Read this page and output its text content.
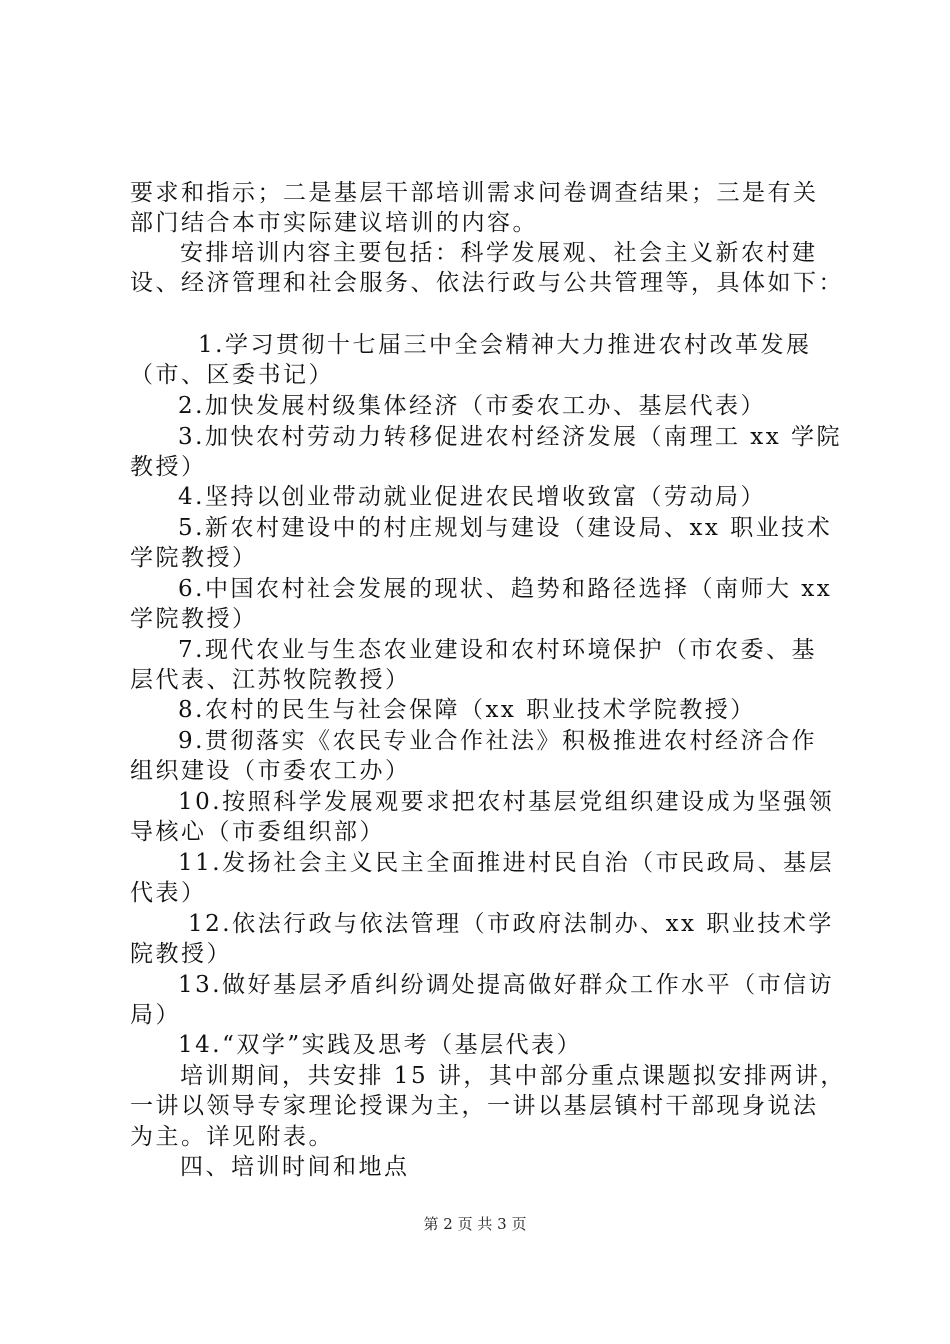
要求和指示；二是基层干部培训需求问卷调查结果；三是有关
部门结合本市实际建议培训的内容。
安排培训内容主要包括：科学发展观、社会主义新农村建
设、经济管理和社会服务、依法行政与公共管理等，具体如下：
1.学习贯彻十七届三中全会精神大力推进农村改革发展
（市、区委书记）
2.加快发展村级集体经济（市委农工办、基层代表）
3.加快农村劳动力转移促进农村经济发展（南理工 xx 学院
教授）
4.坚持以创业带动就业促进农民增收致富（劳动局）
5.新农村建设中的村庄规划与建设（建设局、xx 职业技术
学院教授）
6.中国农村社会发展的现状、趋势和路径选择（南师大 xx
学院教授）
7.现代农业与生态农业建设和农村环境保护（市农委、基
层代表、江苏牧院教授）
8.农村的民生与社会保障（xx 职业技术学院教授）
9.贯彻落实《农民专业合作社法》积极推进农村经济合作
组织建设（市委农工办）
10.按照科学发展观要求把农村基层党组织建设成为坚强领
导核心（市委组织部）
11.发扬社会主义民主全面推进村民自治（市民政局、基层
代表）
12.依法行政与依法管理（市政府法制办、xx 职业技术学
院教授）
13.做好基层矛盾纠纷调处提高做好群众工作水平（市信访
局）
14.“双学”实践及思考（基层代表）
培训期间，共安排 15 讲，其中部分重点课题拟安排两讲，
一讲以领导专家理论授课为主，一讲以基层镇村干部现身说法
为主。详见附表。
四、培训时间和地点
第 2 页 共 3 页
